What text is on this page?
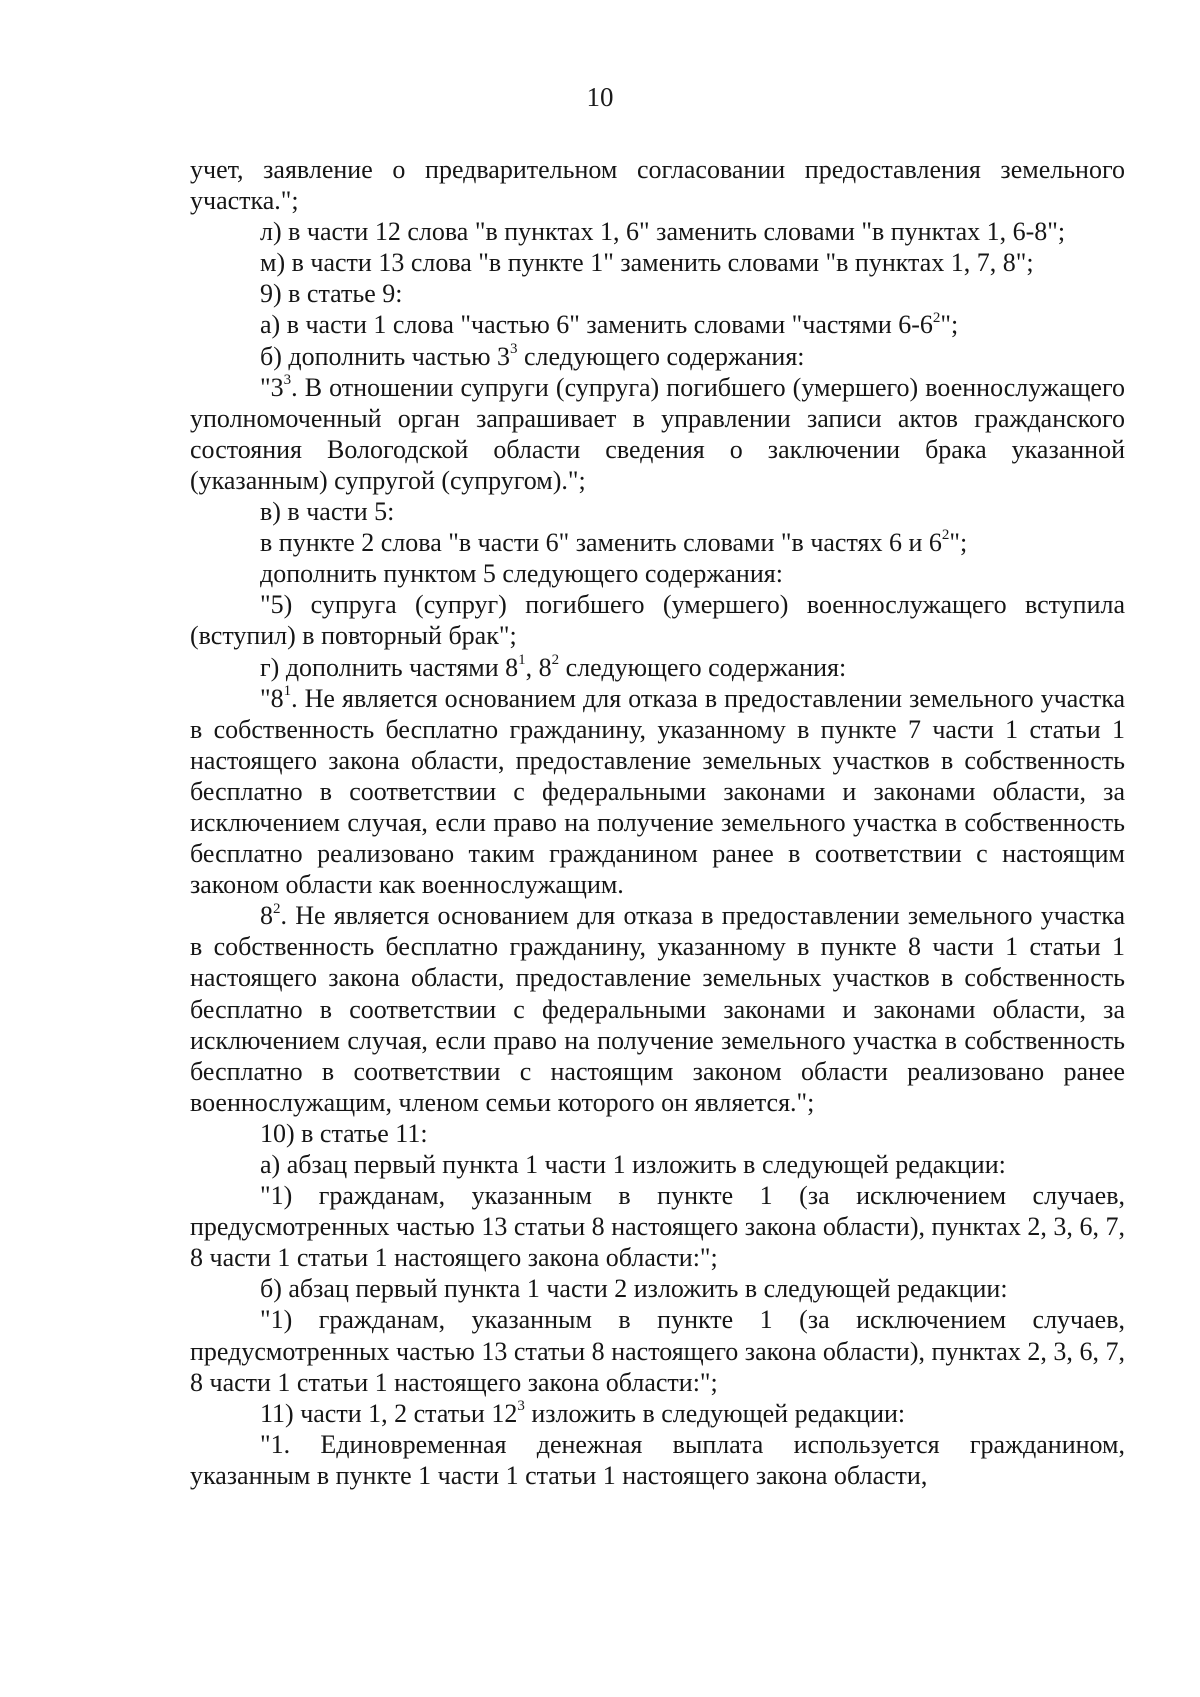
10

учет, заявление о предварительном согласовании предоставления земельного участка.";

л) в части 12 слова "в пунктах 1, 6" заменить словами "в пунктах 1, 6-8";

м) в части 13 слова "в пункте 1" заменить словами "в пунктах 1, 7, 8";

9) в статье 9:

а) в части 1 слова "частью 6" заменить словами "частями $6-6^2$";

б) дополнить частью $3^3$ следующего содержания:

"$3^3$. В отношении супруги (супруга) погибшего (умершего) военнослужащего уполномоченный орган запрашивает в управлении записи актов гражданского состояния Вологодской области сведения о заключении брака указанной (указанным) супругой (супругом).";

в) в части 5:

в пункте 2 слова "в части 6" заменить словами "в частях 6 и $6^2$";

дополнить пунктом 5 следующего содержания:

"5) супруга (супруг) погибшего (умершего) военнослужащего вступила (вступил) в повторный брак";

г) дополнить частями $8^1$, $8^2$ следующего содержания:

"$8^1$. Не является основанием для отказа в предоставлении земельного участка в собственность бесплатно гражданину, указанному в пункте 7 части 1 статьи 1 настоящего закона области, предоставление земельных участков в собственность бесплатно в соответствии с федеральными законами и законами области, за исключением случая, если право на получение земельного участка в собственность бесплатно реализовано таким гражданином ранее в соответствии с настоящим законом области как военнослужащим.

$8^2$. Не является основанием для отказа в предоставлении земельного участка в собственность бесплатно гражданину, указанному в пункте 8 части 1 статьи 1 настоящего закона области, предоставление земельных участков в собственность бесплатно в соответствии с федеральными законами и законами области, за исключением случая, если право на получение земельного участка в собственность бесплатно в соответствии с настоящим законом области реализовано ранее военнослужащим, членом семьи которого он является.";

10) в статье 11:

а) абзац первый пункта 1 части 1 изложить в следующей редакции:

"1) гражданам, указанным в пункте 1 (за исключением случаев, предусмотренных частью 13 статьи 8 настоящего закона области), пунктах 2, 3, 6, 7, 8 части 1 статьи 1 настоящего закона области:";

б) абзац первый пункта 1 части 2 изложить в следующей редакции:

"1) гражданам, указанным в пункте 1 (за исключением случаев, предусмотренных частью 13 статьи 8 настоящего закона области), пунктах 2, 3, 6, 7, 8 части 1 статьи 1 настоящего закона области:";

11) части 1, 2 статьи $12^3$ изложить в следующей редакции:

"1. Единовременная денежная выплата используется гражданином, указанным в пункте 1 части 1 статьи 1 настоящего закона области,
